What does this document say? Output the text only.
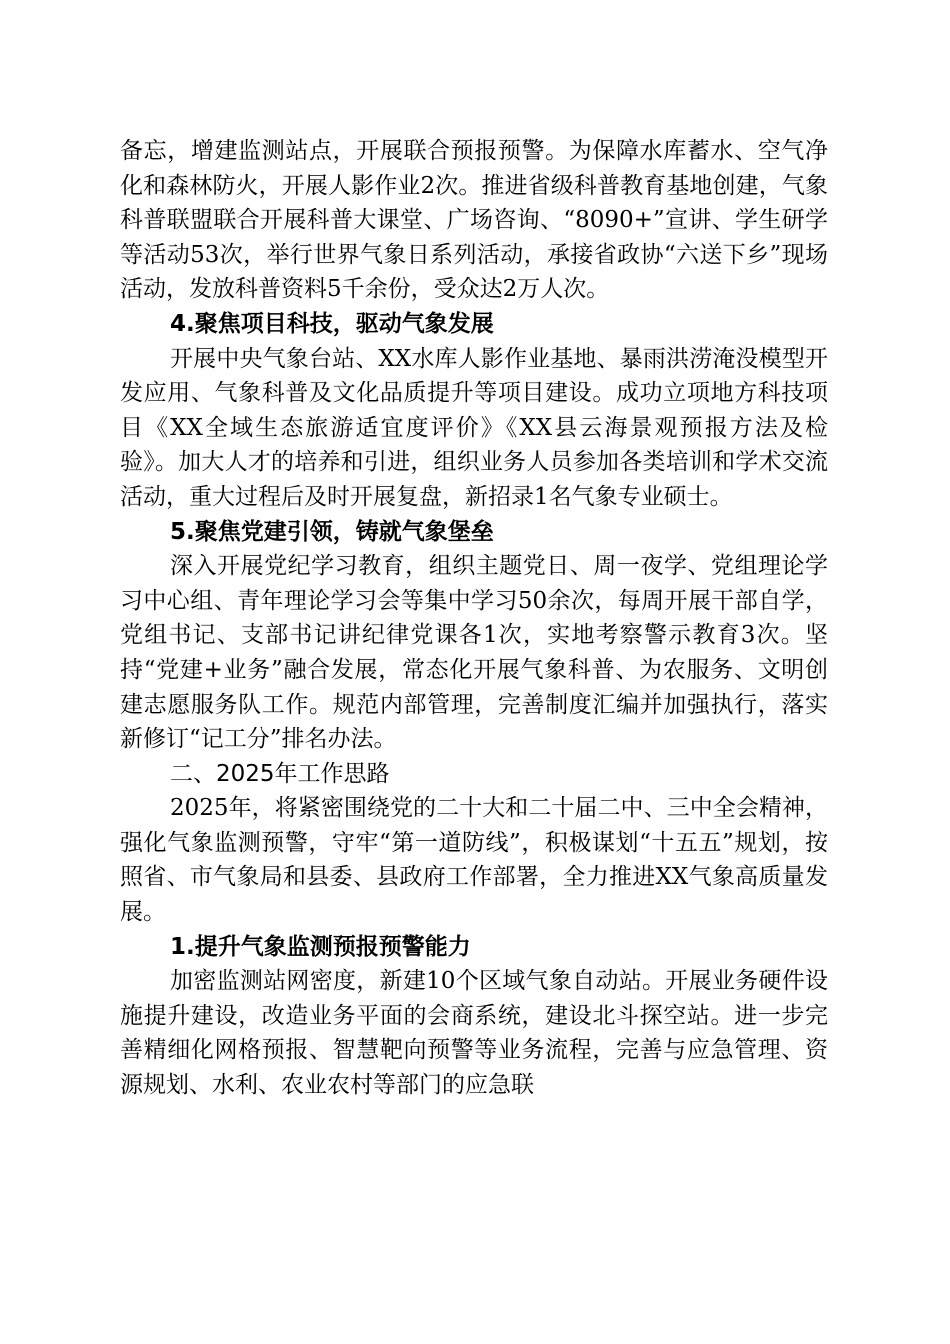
备忘，增建监测站点，开展联合预报预警。为保障水库蓄水、空气净化和森林防火，开展人影作业2次。推进省级科普教育基地创建，气象科普联盟联合开展科普大课堂、广场咨询、“8090+”宣讲、学生研学等活动53次，举行世界气象日系列活动，承接省政协“六送下乡”现场活动，发放科普资料5千余份，受众达2万人次。

4.聚焦项目科技，驱动气象发展

开展中央气象台站、XX水库人影作业基地、暴雨洪涝淹没模型开发应用、气象科普及文化品质提升等项目建设。成功立项地方科技项目《XX全域生态旅游适宜度评价》《XX县云海景观预报方法及检验》。加大人才的培养和引进，组织业务人员参加各类培训和学术交流活动，重大过程后及时开展复盘，新招录1名气象专业硕士。

5.聚焦党建引领，铸就气象堡垒

深入开展党纪学习教育，组织主题党日、周一夜学、党组理论学习中心组、青年理论学习会等集中学习50余次，每周开展干部自学，党组书记、支部书记讲纪律党课各1次，实地考察警示教育3次。坚持“党建+业务”融合发展，常态化开展气象科普、为农服务、文明创建志愿服务队工作。规范内部管理，完善制度汇编并加强执行，落实新修订“记工分”排名办法。

二、2025年工作思路

2025年，将紧密围绕党的二十大和二十届二中、三中全会精神，强化气象监测预警，守牢“第一道防线”，积极谋划“十五五”规划，按照省、市气象局和县委、县政府工作部署，全力推进XX气象高质量发展。

1.提升气象监测预报预警能力

加密监测站网密度，新建10个区域气象自动站。开展业务硬件设施提升建设，改造业务平面的会商系统，建设北斗探空站。进一步完善精细化网格预报、智慧靶向预警等业务流程，完善与应急管理、资源规划、水利、农业农村等部门的应急联
